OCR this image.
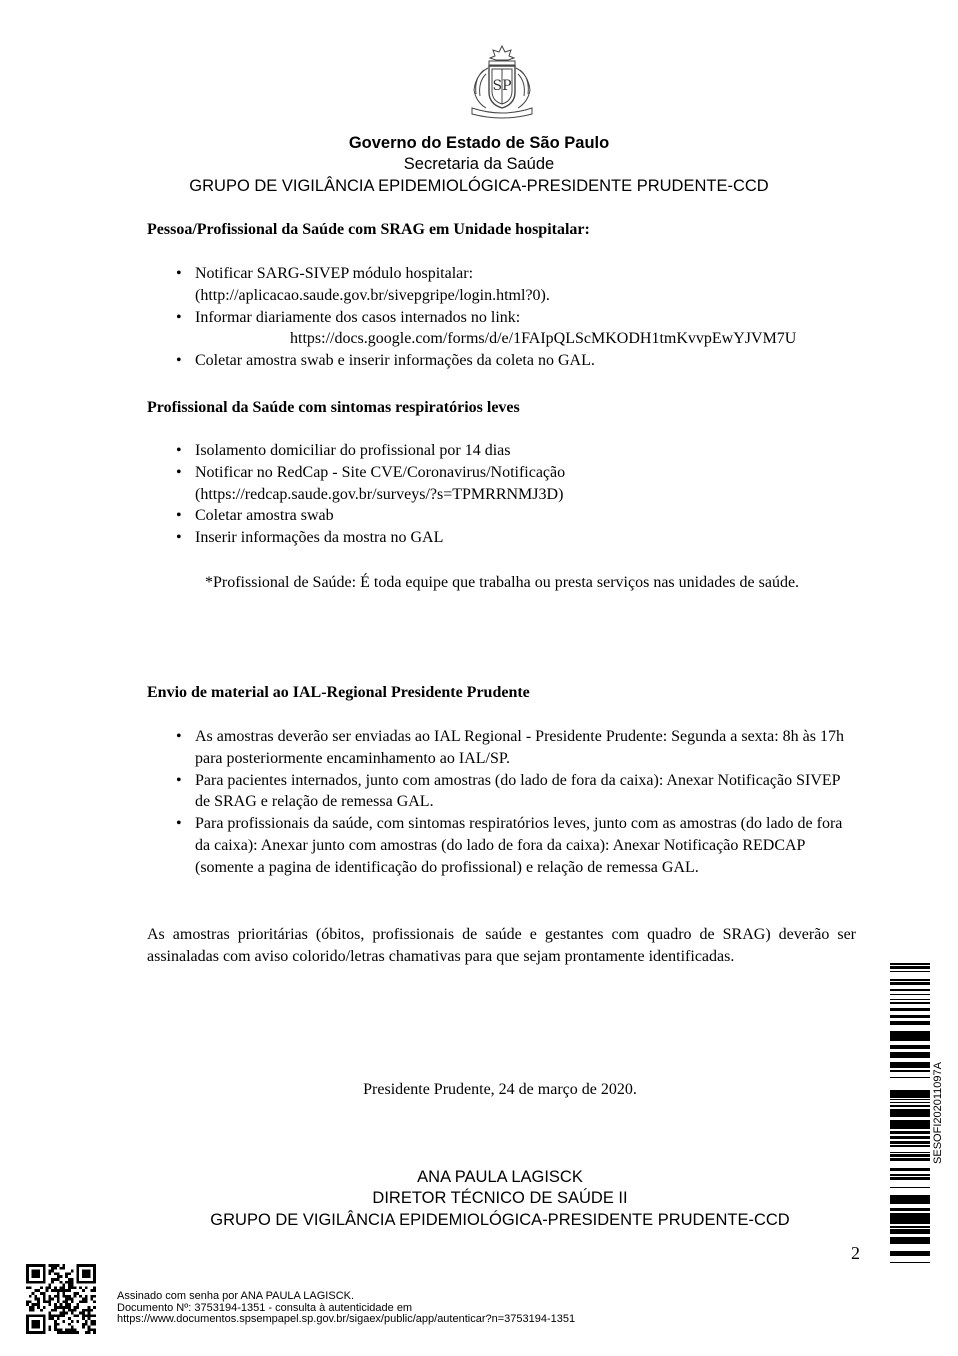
SP
Governo do Estado de São Paulo
Secretaria da Saúde
GRUPO DE VIGILÂNCIA EPIDEMIOLÓGICA-PRESIDENTE PRUDENTE-CCD
Pessoa/Profissional da Saúde com SRAG em Unidade hospitalar:
• Notificar SARG-SIVEP módulo hospitalar:
(http://aplicacao.saude.gov.br/sivepgripe/login.html?0).
• Informar diariamente dos casos internados no link:
https://docs.google.com/forms/d/e/1FAIpQLScMKODH1tmKvvpEwYJVM7U
• Coletar amostra swab e inserir informações da coleta no GAL.
Profissional da Saúde com sintomas respiratórios leves
• Isolamento domiciliar do profissional por 14 dias
• Notificar no RedCap - Site CVE/Coronavirus/Notificação
(https://redcap.saude.gov.br/surveys/?s=TPMRRNMJ3D)
• Coletar amostra swab
• Inserir informações da mostra no GAL
*Profissional de Saúde: É toda equipe que trabalha ou presta serviços nas unidades de saúde.
Envio de material ao IAL-Regional Presidente Prudente
• As amostras deverão ser enviadas ao IAL Regional - Presidente Prudente: Segunda a sexta: 8h às 17h para posteriormente encaminhamento ao IAL/SP.
• Para pacientes internados, junto com amostras (do lado de fora da caixa): Anexar Notificação SIVEP de SRAG e relação de remessa GAL.
• Para profissionais da saúde, com sintomas respiratórios leves, junto com as amostras (do lado de fora da caixa): Anexar junto com amostras (do lado de fora da caixa): Anexar Notificação REDCAP (somente a pagina de identificação do profissional) e relação de remessa GAL.
As amostras prioritárias (óbitos, profissionais de saúde e gestantes com quadro de SRAG) deverão ser assinaladas com aviso colorido/letras chamativas para que sejam prontamente identificadas.
Presidente Prudente, 24 de março de 2020.
ANA PAULA LAGISCK
DIRETOR TÉCNICO DE SAÚDE II
GRUPO DE VIGILÂNCIA EPIDEMIOLÓGICA-PRESIDENTE PRUDENTE-CCD
2
SESOFI202011097A
Assinado com senha por ANA PAULA LAGISCK.
Documento Nº: 3753194-1351 - consulta à autenticidade em
https://www.documentos.spsempapel.sp.gov.br/sigaex/public/app/autenticar?n=3753194-1351
